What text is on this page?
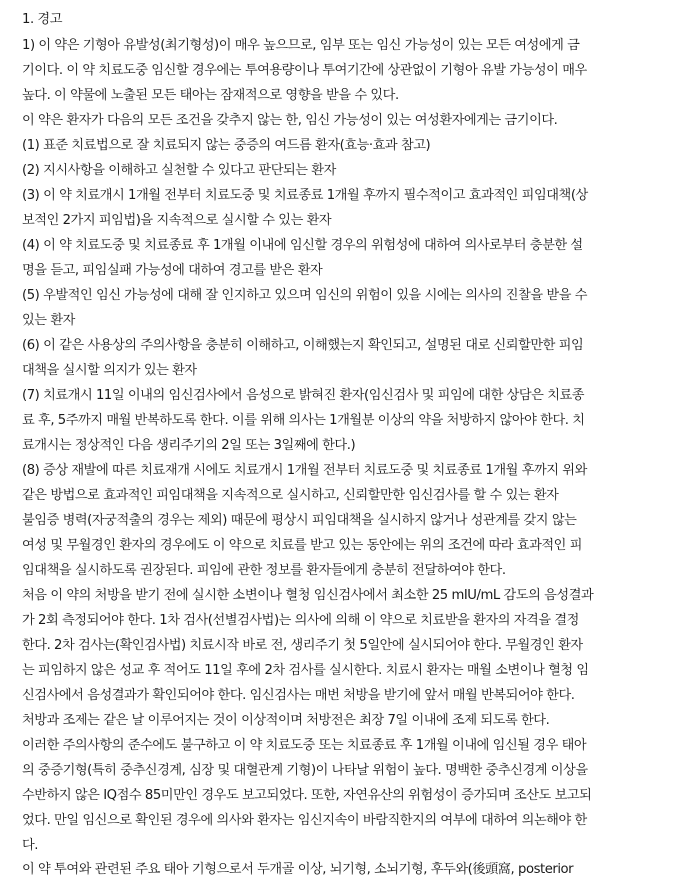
1. 경고
1) 이 약은 기형아 유발성(최기형성)이 매우 높으므로, 임부 또는 임신 가능성이 있는 모든 여성에게 금
기이다. 이 약 치료도중 임신할 경우에는 투여용량이나 투여기간에 상관없이 기형아 유발 가능성이 매우
높다. 이 약물에 노출된 모든 태아는 잠재적으로 영향을 받을 수 있다.
이 약은 환자가 다음의 모든 조건을 갖추지 않는 한, 임신 가능성이 있는 여성환자에게는 금기이다.
(1) 표준 치료법으로 잘 치료되지 않는 중증의 여드름 환자(효능·효과 참고)
(2) 지시사항을 이해하고 실천할 수 있다고 판단되는 환자
(3) 이 약 치료개시 1개월 전부터 치료도중 및 치료종료 1개월 후까지 필수적이고 효과적인 피임대책(상
보적인 2가지 피임법)을 지속적으로 실시할 수 있는 환자
(4) 이 약 치료도중 및 치료종료 후 1개월 이내에 임신할 경우의 위험성에 대하여 의사로부터 충분한 설
명을 듣고, 피임실패 가능성에 대하여 경고를 받은 환자
(5) 우발적인 임신 가능성에 대해 잘 인지하고 있으며 임신의 위험이 있을 시에는 의사의 진찰을 받을 수
있는 환자
(6) 이 같은 사용상의 주의사항을 충분히 이해하고, 이해했는지 확인되고, 설명된 대로 신뢰할만한 피임
대책을 실시할 의지가 있는 환자
(7) 치료개시 11일 이내의 임신검사에서 음성으로 밝혀진 환자(임신검사 및 피임에 대한 상담은 치료종
료 후, 5주까지 매월 반복하도록 한다. 이를 위해 의사는 1개월분 이상의 약을 처방하지 않아야 한다. 치
료개시는 정상적인 다음 생리주기의 2일 또는 3일째에 한다.)
(8) 증상 재발에 따른 치료재개 시에도 치료개시 1개월 전부터 치료도중 및 치료종료 1개월 후까지 위와
같은 방법으로 효과적인 피임대책을 지속적으로 실시하고, 신뢰할만한 임신검사를 할 수 있는 환자
불임증 병력(자궁적출의 경우는 제외) 때문에 평상시 피임대책을 실시하지 않거나 성관계를 갖지 않는
여성 및 무월경인 환자의 경우에도 이 약으로 치료를 받고 있는 동안에는 위의 조건에 따라 효과적인 피
임대책을 실시하도록 권장된다. 피임에 관한 정보를 환자들에게 충분히 전달하여야 한다.
처음 이 약의 처방을 받기 전에 실시한 소변이나 혈청 임신검사에서 최소한 25 mIU/mL 감도의 음성결과
가 2회 측정되어야 한다. 1차 검사(선별검사법)는 의사에 의해 이 약으로 치료받을 환자의 자격을 결정
한다. 2차 검사는(확인검사법) 치료시작 바로 전, 생리주기 첫 5일안에 실시되어야 한다. 무월경인 환자
는 피임하지 않은 성교 후 적어도 11일 후에 2차 검사를 실시한다. 치료시 환자는 매월 소변이나 혈청 임
신검사에서 음성결과가 확인되어야 한다. 임신검사는 매번 처방을 받기에 앞서 매월 반복되어야 한다.
처방과 조제는 같은 날 이루어지는 것이 이상적이며 처방전은 최장 7일 이내에 조제 되도록 한다.
이러한 주의사항의 준수에도 불구하고 이 약 치료도중 또는 치료종료 후 1개월 이내에 임신될 경우 태아
의 중증기형(특히 중추신경계, 심장 및 대혈관계 기형)이 나타날 위험이 높다. 명백한 중추신경계 이상을
수반하지 않은 IQ점수 85미만인 경우도 보고되었다. 또한, 자연유산의 위험성이 증가되며 조산도 보고되
었다. 만일 임신으로 확인된 경우에 의사와 환자는 임신지속이 바람직한지의 여부에 대하여 의논해야 한
다.
이 약 투여와 관련된 주요 태아 기형으로서 두개골 이상, 뇌기형, 소뇌기형, 후두와(後頭窩, posterior
